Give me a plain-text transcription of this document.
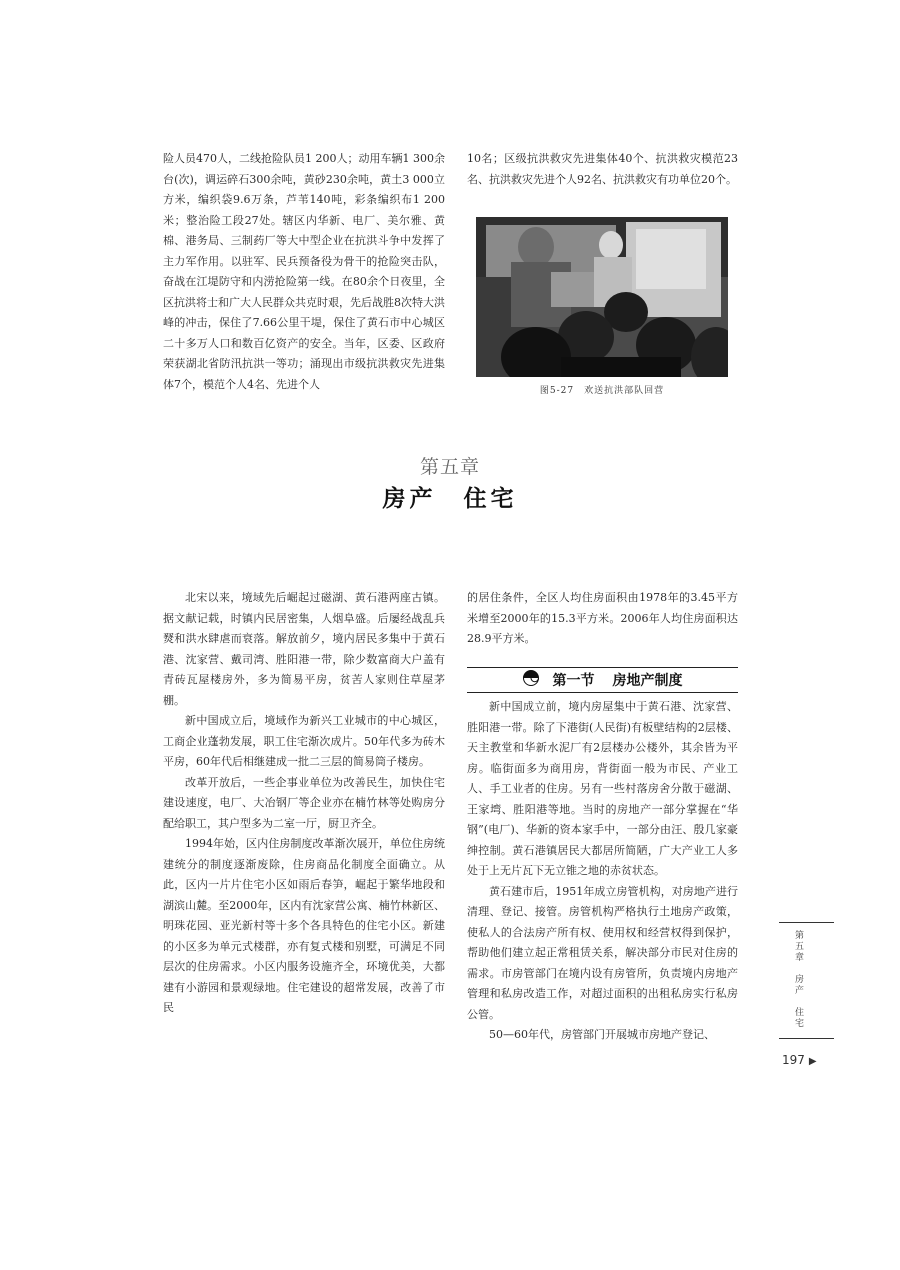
险人员470人，二线抢险队员1 200人；动用车辆1 300余台(次)，调运碎石300余吨，黄砂230余吨，黄土3 000立方米，编织袋9.6万条，芦苇140吨，彩条编织布1 200米；整治险工段27处。辖区内华新、电厂、美尔雅、黄棉、港务局、三制药厂等大中型企业在抗洪斗争中发挥了主力军作用。以驻军、民兵预备役为骨干的抢险突击队，奋战在江堤防守和内涝抢险第一线。在80余个日夜里，全区抗洪将士和广大人民群众共克时艰，先后战胜8次特大洪峰的冲击，保住了7.66公里干堤，保住了黄石市中心城区二十多万人口和数百亿资产的安全。当年，区委、区政府荣获湖北省防汛抗洪一等功；涌现出市级抗洪救灾先进集体7个，模范个人4名、先进个人

10名；区级抗洪救灾先进集体40个、抗洪救灾模范23名、抗洪救灾先进个人92名、抗洪救灾有功单位20个。

图5-27　欢送抗洪部队回营
第五章
房产　住宅

北宋以来，境域先后崛起过磁湖、黄石港两座古镇。据文献记载，时镇内民居密集，人烟阜盛。后屡经战乱兵燹和洪水肆虐而衰落。解放前夕，境内居民多集中于黄石港、沈家营、戴司湾、胜阳港一带，除少数富商大户盖有青砖瓦屋楼房外，多为简易平房，贫苦人家则住草屋茅棚。

新中国成立后，境域作为新兴工业城市的中心城区，工商企业蓬勃发展，职工住宅渐次成片。50年代多为砖木平房，60年代后相继建成一批二三层的简易筒子楼房。

改革开放后，一些企事业单位为改善民生，加快住宅建设速度，电厂、大冶钢厂等企业亦在楠竹林等处购房分配给职工，其户型多为二室一厅，厨卫齐全。

1994年始，区内住房制度改革渐次展开，单位住房统建统分的制度逐渐废除，住房商品化制度全面确立。从此，区内一片片住宅小区如雨后春笋，崛起于繁华地段和湖滨山麓。至2000年，区内有沈家营公寓、楠竹林新区、明珠花园、亚光新村等十多个各具特色的住宅小区。新建的小区多为单元式楼群，亦有复式楼和别墅，可满足不同层次的住房需求。小区内服务设施齐全，环境优美，大都建有小游园和景观绿地。住宅建设的超常发展，改善了市民

的居住条件，全区人均住房面积由1978年的3.45平方米增至2000年的15.3平方米。2006年人均住房面积达28.9平方米。

第一节 房地产制度

新中国成立前，境内房屋集中于黄石港、沈家营、胜阳港一带。除了下港街(人民街)有板壁结构的2层楼、天主教堂和华新水泥厂有2层楼办公楼外，其余皆为平房。临街面多为商用房，背街面一般为市民、产业工人、手工业者的住房。另有一些村落房舍分散于磁湖、王家塆、胜阳港等地。当时的房地产一部分掌握在“华钢”(电厂)、华新的资本家手中，一部分由汪、殷几家豪绅控制。黄石港镇居民大都居所简陋，广大产业工人多处于上无片瓦下无立锥之地的赤贫状态。

黄石建市后，1951年成立房管机构，对房地产进行清理、登记、接管。房管机构严格执行土地房产政策，使私人的合法房产所有权、使用权和经营权得到保护，帮助他们建立起正常租赁关系，解决部分市民对住房的需求。市房管部门在境内设有房管所，负责境内房地产管理和私房改造工作，对超过面积的出租私房实行私房公管。

50—60年代，房管部门开展城市房地产登记、

第五章　房产　住宅
197 ▶
